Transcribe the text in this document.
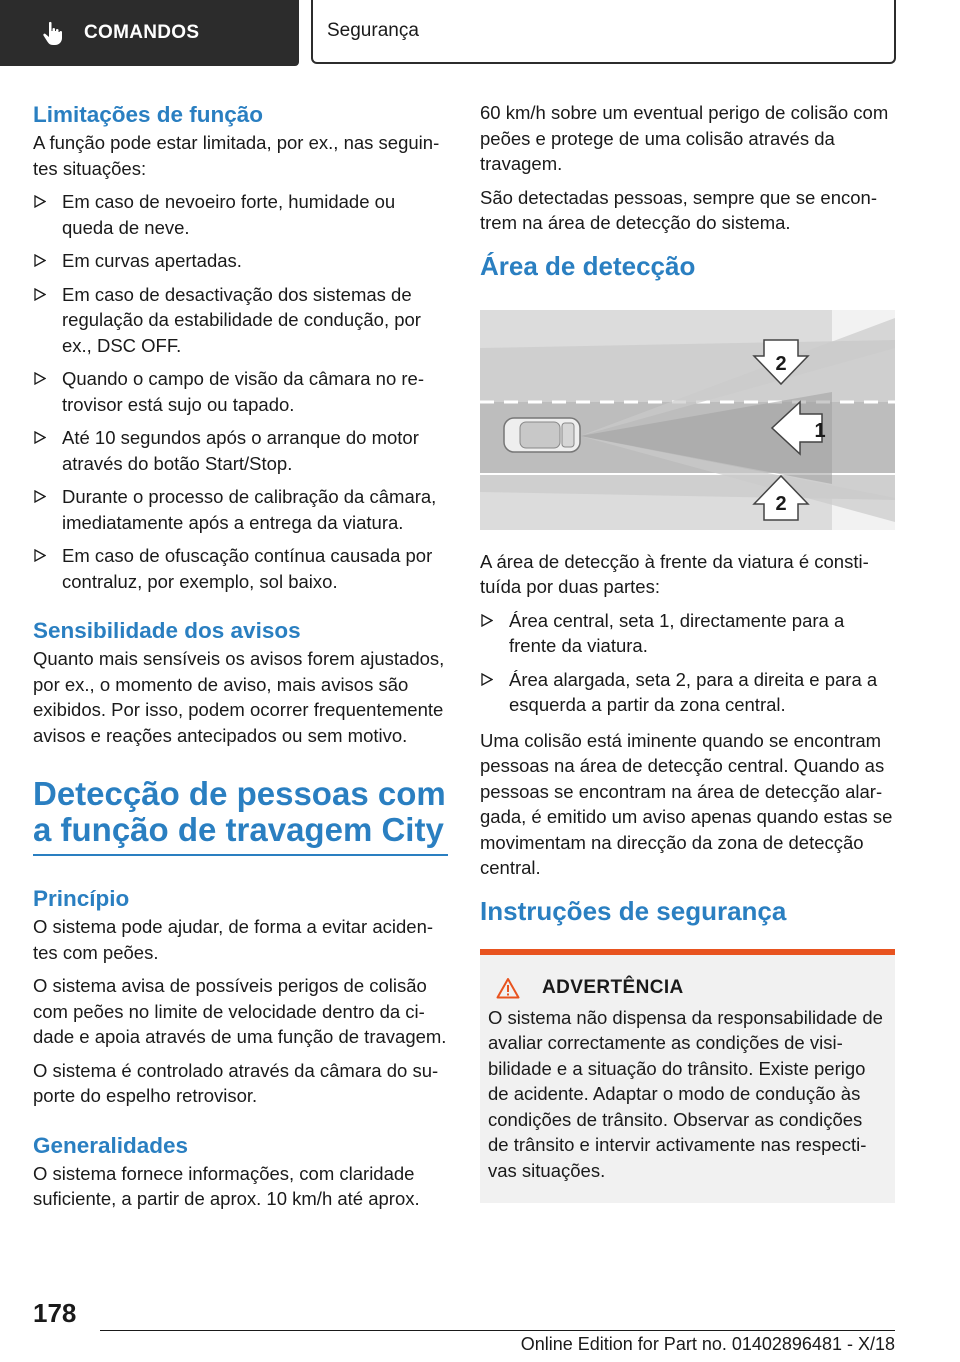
COMANDOS	Segurança
Limitações de função

A função pode estar limitada, por ex., nas seguintes situações:

Em caso de nevoeiro forte, humidade ou queda de neve.
Em curvas apertadas.
Em caso de desactivação dos sistemas de regulação da estabilidade de condução, por ex., DSC OFF.
Quando o campo de visão da câmara no retrovisor está sujo ou tapado.
Até 10 segundos após o arranque do motor através do botão Start/Stop.
Durante o processo de calibração da câmara, imediatamente após a entrega da viatura.
Em caso de ofuscação contínua causada por contraluz, por exemplo, sol baixo.
Sensibilidade dos avisos

Quanto mais sensíveis os avisos forem ajustados, por ex., o momento de aviso, mais avisos são exibidos. Por isso, podem ocorrer frequentemente avisos e reações antecipados ou sem motivo.

Detecção de pessoas com a função de travagem City
Princípio

O sistema pode ajudar, de forma a evitar acidentes com peões.

O sistema avisa de possíveis perigos de colisão com peões no limite de velocidade dentro da cidade e apoia através de uma função de travagem.

O sistema é controlado através da câmara do suporte do espelho retrovisor.

Generalidades

O sistema fornece informações, com claridade suficiente, a partir de aprox. 10 km/h até aprox.

60 km/h sobre um eventual perigo de colisão com peões e protege de uma colisão através da travagem.

São detectadas pessoas, sempre que se encontrem na área de detecção do sistema.

Área de detecção
1
2
2

A área de detecção à frente da viatura é constituída por duas partes:

Área central, seta 1, directamente para a frente da viatura.
Área alargada, seta 2, para a direita e para a esquerda a partir da zona central.

Uma colisão está iminente quando se encontram pessoas na área de detecção central. Quando as pessoas se encontram na área de detecção alargada, é emitido um aviso apenas quando estas se movimentam na direcção da zona de detecção central.

Instruções de segurança
ADVERTÊNCIA

O sistema não dispensa da responsabilidade de avaliar correctamente as condições de visibilidade e a situação do trânsito. Existe perigo de acidente. Adaptar o modo de condução às condições de trânsito. Observar as condições de trânsito e intervir activamente nas respectivas situações.

178
Online Edition for Part no. 01402896481 - X/18
